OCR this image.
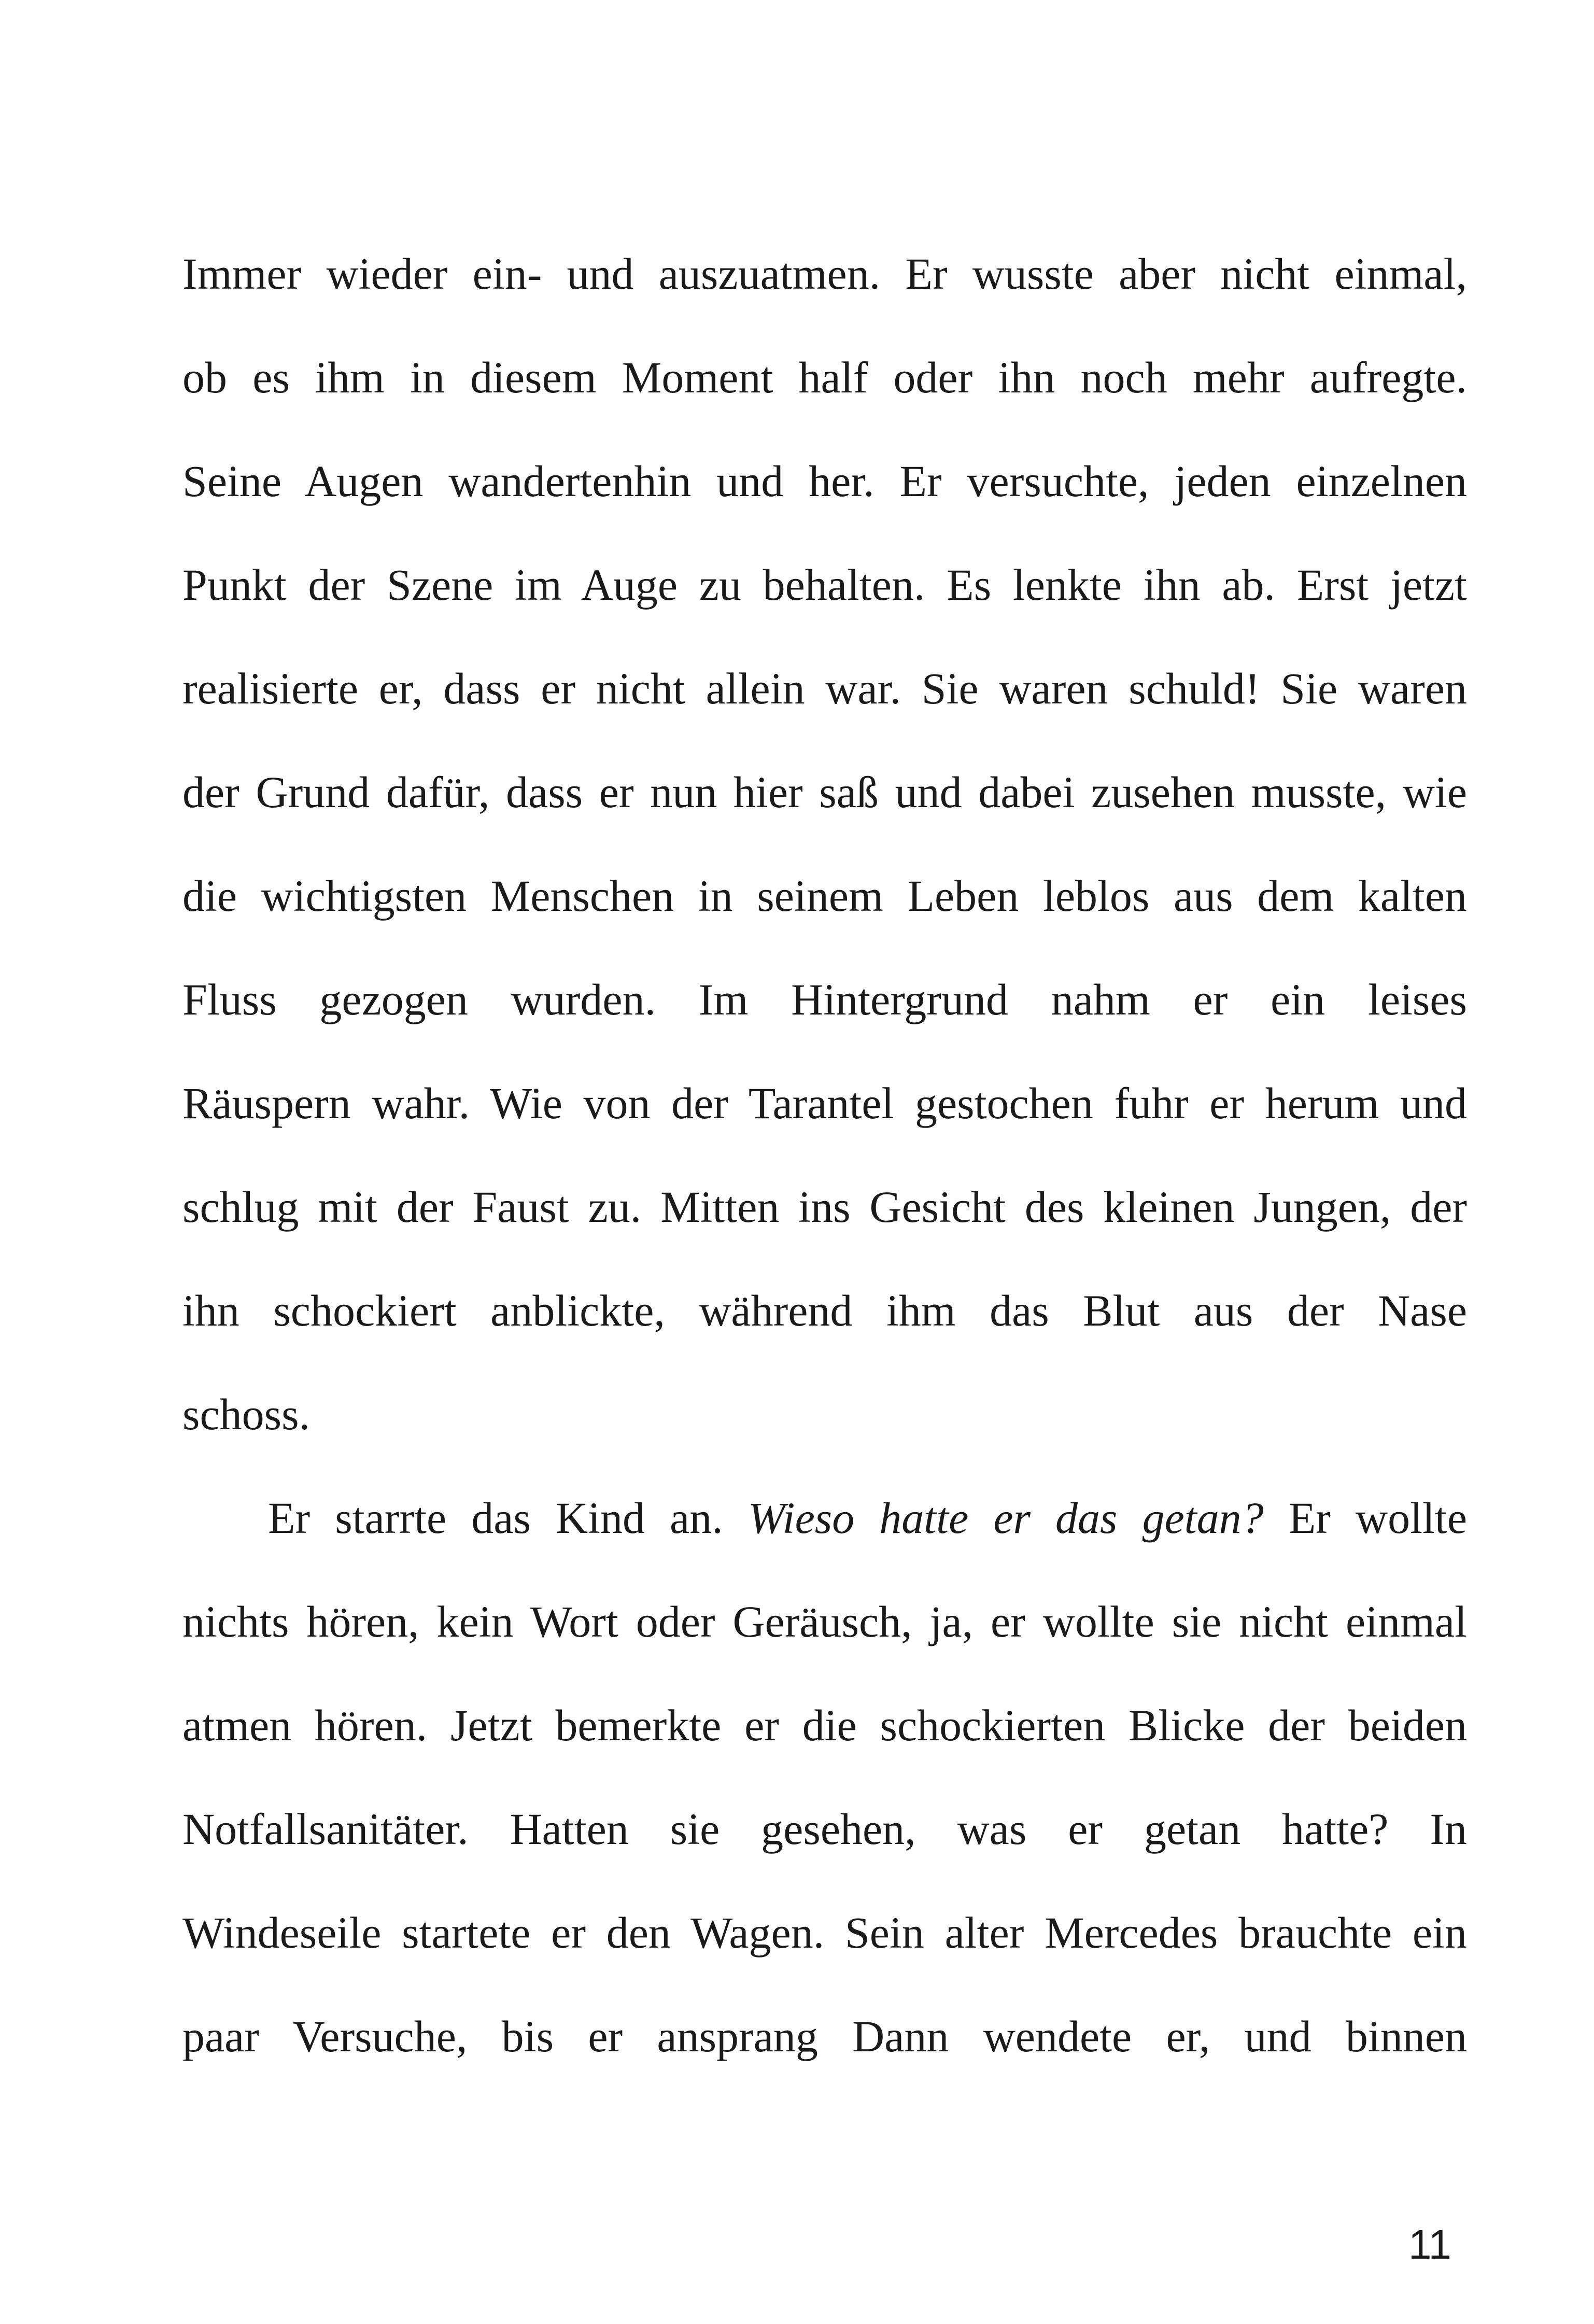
Immer wieder ein- und auszuatmen. Er wusste aber nicht einmal,
ob es ihm in diesem Moment half oder ihn noch mehr aufregte.
Seine Augen wandertenhin und her. Er versuchte, jeden einzelnen
Punkt der Szene im Auge zu behalten. Es lenkte ihn ab. Erst jetzt
realisierte er, dass er nicht allein war. Sie waren schuld! Sie waren
der Grund dafür, dass er nun hier saß und dabei zusehen musste, wie
die wichtigsten Menschen in seinem Leben leblos aus dem kalten
Fluss gezogen wurden. Im Hintergrund nahm er ein leises
Räuspern wahr. Wie von der Tarantel gestochen fuhr er herum und
schlug mit der Faust zu. Mitten ins Gesicht des kleinen Jungen, der
ihn schockiert anblickte, während ihm das Blut aus der Nase
schoss.
Er starrte das Kind an. Wieso hatte er das getan? Er wollte
nichts hören, kein Wort oder Geräusch, ja, er wollte sie nicht einmal
atmen hören. Jetzt bemerkte er die schockierten Blicke der beiden
Notfallsanitäter. Hatten sie gesehen, was er getan hatte? In
Windeseile startete er den Wagen. Sein alter Mercedes brauchte ein
paar Versuche, bis er ansprang Dann wendete er, und binnen
11
